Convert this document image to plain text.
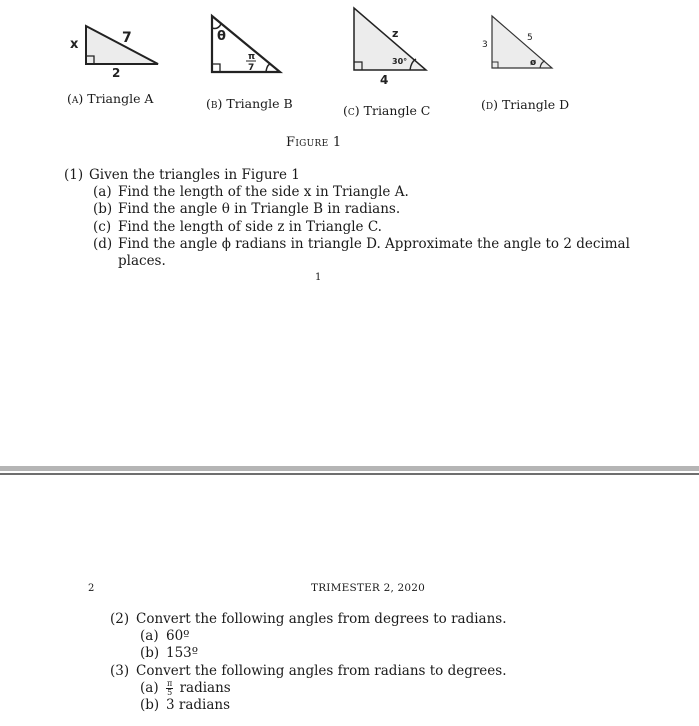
x	7
2
(a) Triangle A
θ
π
7
(b) Triangle B
z
30°
4
(c) Triangle C
3
5
ø
(d) Triangle D
Figure 1
(1) Given the triangles in Figure 1
(a) Find the length of the side x in Triangle A.
(b) Find the angle θ in Triangle B in radians.
(c) Find the length of side z in Triangle C.
(d) Find the angle ϕ radians in triangle D. Approximate the angle to 2 decimal
places.
1
2	TRIMESTER 2, 2020
(2) Convert the following angles from degrees to radians.
(a) 60º
(b) 153º
(3) Convert the following angles from radians to degrees.
$(a) \frac{\pi}{5}$ radians
(b) 3 radians
